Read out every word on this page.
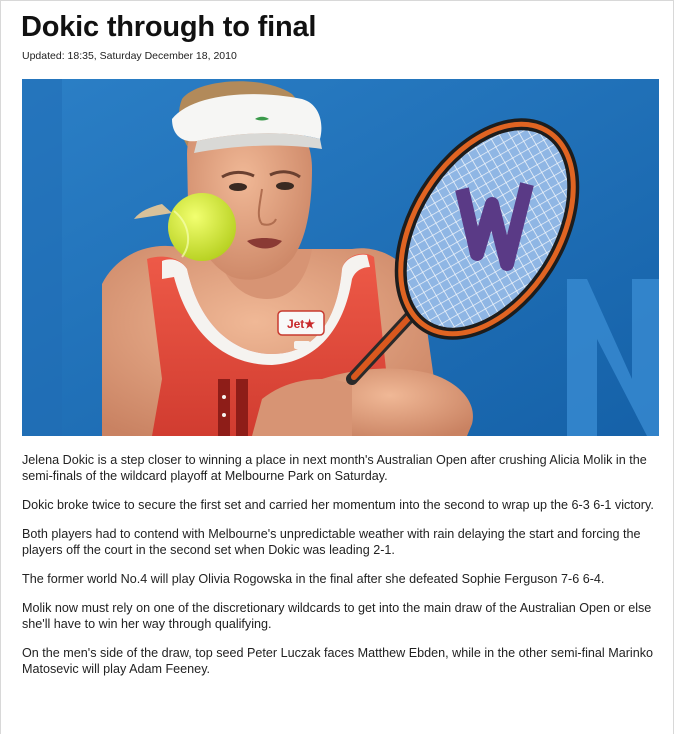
Dokic through to final
Updated: 18:35, Saturday December 18, 2010
Jet★

Jelena Dokic is a step closer to winning a place in next month's Australian Open after crushing Alicia Molik in the semi-finals of the wildcard playoff at Melbourne Park on Saturday.

Dokic broke twice to secure the first set and carried her momentum into the second to wrap up the 6-3 6-1 victory.

Both players had to contend with Melbourne's unpredictable weather with rain delaying the start and forcing the players off the court in the second set when Dokic was leading 2-1.

The former world No.4 will play Olivia Rogowska in the final after she defeated Sophie Ferguson 7-6 6-4.

Molik now must rely on one of the discretionary wildcards to get into the main draw of the Australian Open or else she'll have to win her way through qualifying.

On the men's side of the draw, top seed Peter Luczak faces Matthew Ebden, while in the other semi-final Marinko Matosevic will play Adam Feeney.
